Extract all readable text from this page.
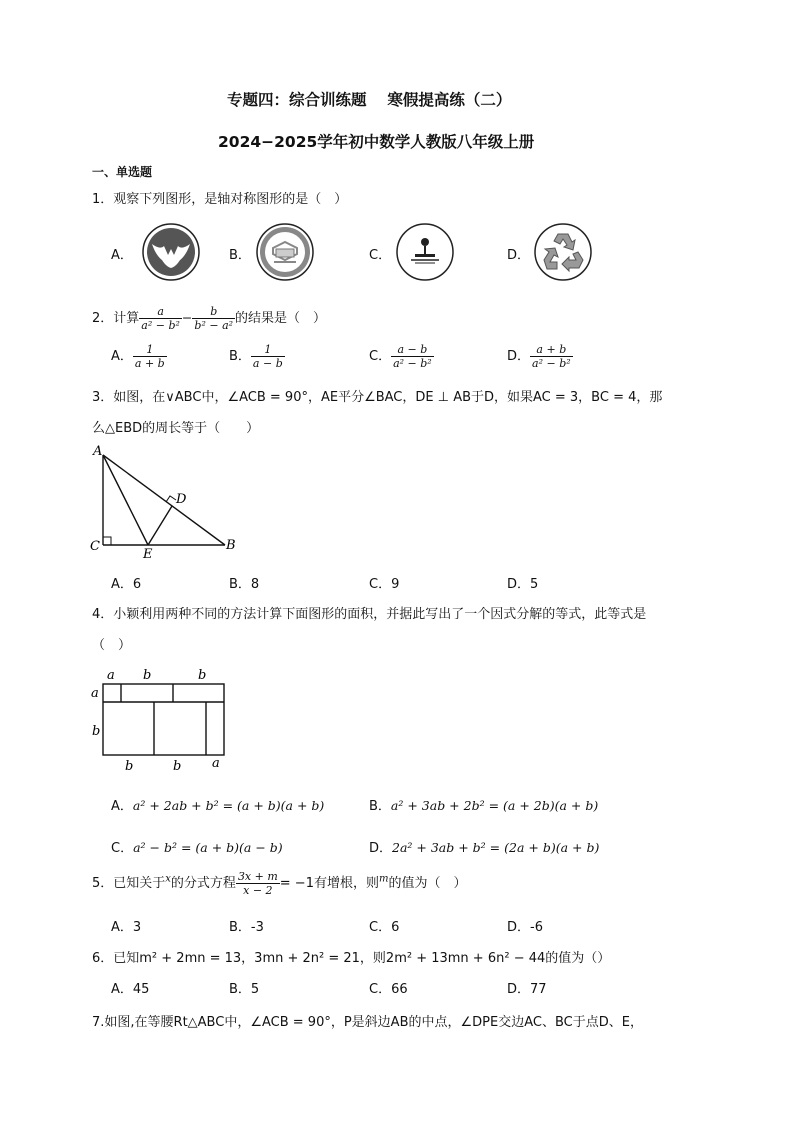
专题四：综合训练题　 寒假提高练（二）
2024−2025学年初中数学人教版八年级上册
一、单选题
1．观察下列图形，是轴对称图形的是（　）
A．	B．	C．	D．
2．计算 $\frac{a}{\text{a² − b²}} - \frac{b}{\text{b² − a²}}$ 的结果是（　）
A． $\frac{1}{a + b}$	B． $\frac{1}{a - b}$	C． $\frac{a - b}{\text{a² − b²}}$	D． $\frac{a + b}{\text{a² − b²}}$
3．如图，在∨ABC中，∠ACB = 90°，AE平分∠BAC，DE ⊥ AB于D，如果AC = 3，BC = 4，那
么△EBD的周长等于（　　）
A
C
E
B
D
A．6	B．8	C．9	D．5
4．小颖利用两种不同的方法计算下面图形的面积，并据此写出了一个因式分解的等式，此等式是
（　）
a b	b
a
b
b	b a
A．a² + 2ab + b² = (a + b)(a + b)	B．a² + 3ab + 2b² = (a + 2b)(a + b)
C．a² − b² = (a + b)(a − b)	D．2a² + 3ab + b² = (2a + b)(a + b)
5．已知关于$^x$的分式方程 $\frac{3x + m}{x - 2} = -1$有增根，则$^m$的值为（　）
A．3	B．-3	C．6	D．-6
6．已知m² + 2mn = 13，3mn + 2n² = 21，则2m² + 13mn + 6n² − 44的值为（）
A．45	B．5	C．66	D．77
7.如图,在等腰Rt△ABC中，∠ACB = 90°，P是斜边AB的中点，∠DPE交边AC、BC于点D、E，
